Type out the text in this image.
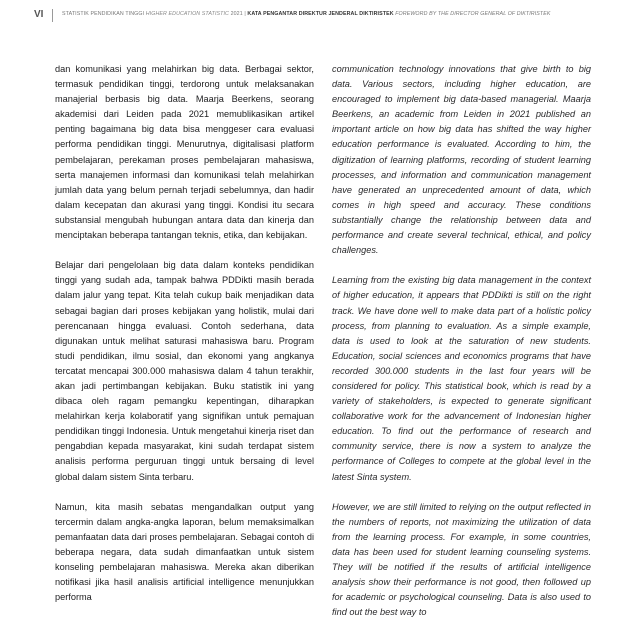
VI	STATISTIK PENDIDIKAN TINGGI HIGHER EDUCATION STATISTIC 2021 | KATA PENGANTAR DIREKTUR JENDERAL DIKTIRISTEK FOREWORD BY THE DIRECTOR GENERAL OF DIKTIRISTEK

dan komunikasi yang melahirkan big data. Berbagai sektor, termasuk pendidikan tinggi, terdorong untuk melaksanakan manajerial berbasis big data. Maarja Beerkens, seorang akademisi dari Leiden pada 2021 memublikasikan artikel penting bagaimana big data bisa menggeser cara evaluasi performa pendidikan tinggi. Menurutnya, digitalisasi platform pembelajaran, perekaman proses pembelajaran mahasiswa, serta manajemen informasi dan komunikasi telah melahirkan jumlah data yang belum pernah terjadi sebelumnya, dan hadir dalam kecepatan dan akurasi yang tinggi. Kondisi itu secara substansial mengubah hubungan antara data dan kinerja dan menciptakan beberapa tantangan teknis, etika, dan kebijakan.

Belajar dari pengelolaan big data dalam konteks pendidikan tinggi yang sudah ada, tampak bahwa PDDikti masih berada dalam jalur yang tepat. Kita telah cukup baik menjadikan data sebagai bagian dari proses kebijakan yang holistik, mulai dari perencanaan hingga evaluasi. Contoh sederhana, data digunakan untuk melihat saturasi mahasiswa baru. Program studi pendidikan, ilmu sosial, dan ekonomi yang angkanya tercatat mencapai 300.000 mahasiswa dalam 4 tahun terakhir, akan jadi pertimbangan kebijakan. Buku statistik ini yang dibaca oleh ragam pemangku kepentingan, diharapkan melahirkan kerja kolaboratif yang signifikan untuk pemajuan pendidikan tinggi Indonesia. Untuk mengetahui kinerja riset dan pengabdian kepada masyarakat, kini sudah terdapat sistem analisis performa perguruan tinggi untuk bersaing di level global dalam sistem Sinta terbaru.

Namun, kita masih sebatas mengandalkan output yang tercermin dalam angka-angka laporan, belum memaksimalkan pemanfaatan data dari proses pembelajaran. Sebagai contoh di beberapa negara, data sudah dimanfaatkan untuk sistem konseling pembelajaran mahasiswa. Mereka akan diberikan notifikasi jika hasil analisis artificial intelligence menunjukkan performa

communication technology innovations that give birth to big data. Various sectors, including higher education, are encouraged to implement big data-based managerial. Maarja Beerkens, an academic from Leiden in 2021 published an important article on how big data has shifted the way higher education performance is evaluated. According to him, the digitization of learning platforms, recording of student learning processes, and information and communication management have generated an unprecedented amount of data, which comes in high speed and accuracy. These conditions substantially change the relationship between data and performance and create several technical, ethical, and policy challenges.

Learning from the existing big data management in the context of higher education, it appears that PDDikti is still on the right track. We have done well to make data part of a holistic policy process, from planning to evaluation. As a simple example, data is used to look at the saturation of new students. Education, social sciences and economics programs that have recorded 300.000 students in the last four years will be considered for policy. This statistical book, which is read by a variety of stakeholders, is expected to generate significant collaborative work for the advancement of Indonesian higher education. To find out the performance of research and community service, there is now a system to analyze the performance of Colleges to compete at the global level in the latest Sinta system.

However, we are still limited to relying on the output reflected in the numbers of reports, not maximizing the utilization of data from the learning process. For example, in some countries, data has been used for student learning counseling systems. They will be notified if the results of artificial intelligence analysis show their performance is not good, then followed up for academic or psychological counseling. Data is also used to find out the best way to
